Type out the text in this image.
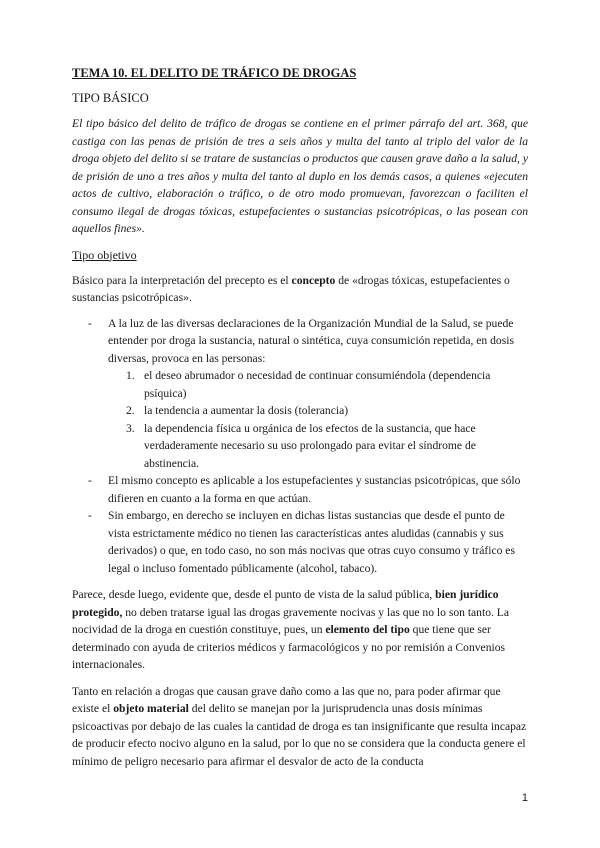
TEMA 10. EL DELITO DE TRÁFICO DE DROGAS
TIPO BÁSICO

El tipo básico del delito de tráfico de drogas se contiene en el primer párrafo del art. 368, que castiga con las penas de prisión de tres a seis años y multa del tanto al triplo del valor de la droga objeto del delito si se tratare de sustancias o productos que causen grave daño a la salud, y de prisión de uno a tres años y multa del tanto al duplo en los demás casos, a quienes «ejecuten actos de cultivo, elaboración o tráfico, o de otro modo promuevan, favorezcan o faciliten el consumo ilegal de drogas tóxicas, estupefacientes o sustancias psicotrópicas, o las posean con aquellos fines».

Tipo objetivo

Básico para la interpretación del precepto es el concepto de «drogas tóxicas, estupefacientes o sustancias psicotrópicas».

- A la luz de las diversas declaraciones de la Organización Mundial de la Salud, se puede entender por droga la sustancia, natural o sintética, cuya consumición repetida, en dosis diversas, provoca en las personas:
1. el deseo abrumador o necesidad de continuar consumiéndola (dependencia psíquica)
2. la tendencia a aumentar la dosis (tolerancia)
3. la dependencia física u orgánica de los efectos de la sustancia, que hace verdaderamente necesario su uso prolongado para evitar el síndrome de abstinencia.
- El mismo concepto es aplicable a los estupefacientes y sustancias psicotrópicas, que sólo difieren en cuanto a la forma en que actúan.
- Sin embargo, en derecho se incluyen en dichas listas sustancias que desde el punto de vista estrictamente médico no tienen las características antes aludidas (cannabis y sus derivados) o que, en todo caso, no son más nocivas que otras cuyo consumo y tráfico es legal o incluso fomentado públicamente (alcohol, tabaco).

Parece, desde luego, evidente que, desde el punto de vista de la salud pública, bien jurídico protegido, no deben tratarse igual las drogas gravemente nocivas y las que no lo son tanto. La nocividad de la droga en cuestión constituye, pues, un elemento del tipo que tiene que ser determinado con ayuda de criterios médicos y farmacológicos y no por remisión a Convenios internacionales.

Tanto en relación a drogas que causan grave daño como a las que no, para poder afirmar que existe el objeto material del delito se manejan por la jurisprudencia unas dosis mínimas psicoactivas por debajo de las cuales la cantidad de droga es tan insignificante que resulta incapaz de producir efecto nocivo alguno en la salud, por lo que no se considera que la conducta genere el mínimo de peligro necesario para afirmar el desvalor de acto de la conducta

1
